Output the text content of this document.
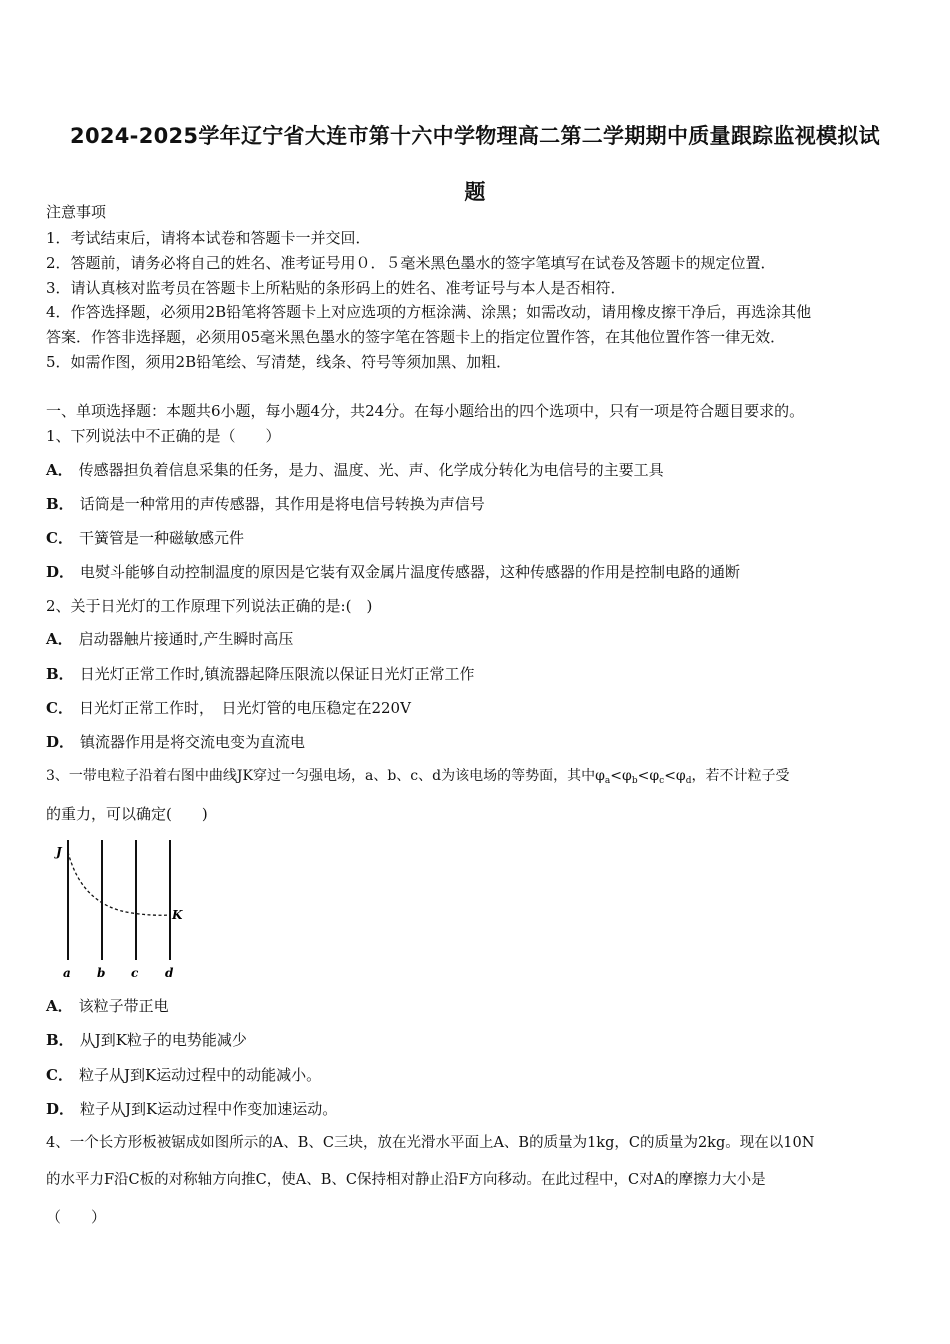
2024-2025学年辽宁省大连市第十六中学物理高二第二学期期中质量跟踪监视模拟试
题
注意事项
1．考试结束后，请将本试卷和答题卡一并交回．
2．答题前，请务必将自己的姓名、准考证号用０．５毫米黑色墨水的签字笔填写在试卷及答题卡的规定位置．
3．请认真核对监考员在答题卡上所粘贴的条形码上的姓名、准考证号与本人是否相符．
4．作答选择题，必须用2B铅笔将答题卡上对应选项的方框涂满、涂黑；如需改动，请用橡皮擦干净后，再选涂其他
答案．作答非选择题，必须用05毫米黑色墨水的签字笔在答题卡上的指定位置作答，在其他位置作答一律无效．
5．如需作图，须用2B铅笔绘、写清楚，线条、符号等须加黑、加粗．
一、单项选择题：本题共6小题，每小题4分，共24分。在每小题给出的四个选项中，只有一项是符合题目要求的。
1、下列说法中不正确的是（　　）
A． 传感器担负着信息采集的任务，是力、温度、光、声、化学成分转化为电信号的主要工具
B． 话筒是一种常用的声传感器，其作用是将电信号转换为声信号
C． 干簧管是一种磁敏感元件
D． 电熨斗能够自动控制温度的原因是它装有双金属片温度传感器，这种传感器的作用是控制电路的通断
2、关于日光灯的工作原理下列说法正确的是:(　)
A． 启动器触片接通时,产生瞬时高压
B． 日光灯正常工作时,镇流器起降压限流以保证日光灯正常工作
C． 日光灯正常工作时，　日光灯管的电压稳定在220V
D． 镇流器作用是将交流电变为直流电
3、一带电粒子沿着右图中曲线JK穿过一匀强电场，a、b、c、d为该电场的等势面，其中$\varphi_a<\varphi_b<\varphi_c<\varphi_d$，若不计粒子受
的重力，可以确定(　　)
J
K
a b c d
A． 该粒子带正电
B． 从J到K粒子的电势能减少
C． 粒子从J到K运动过程中的动能减小。
D． 粒子从J到K运动过程中作变加速运动。
4、一个长方形板被锯成如图所示的A、B、C三块，放在光滑水平面上A、B的质量为1kg，C的质量为2kg。现在以10N
的水平力F沿C板的对称轴方向推C，使A、B、C保持相对静止沿F方向移动。在此过程中，C对A的摩擦力大小是
（　　）
